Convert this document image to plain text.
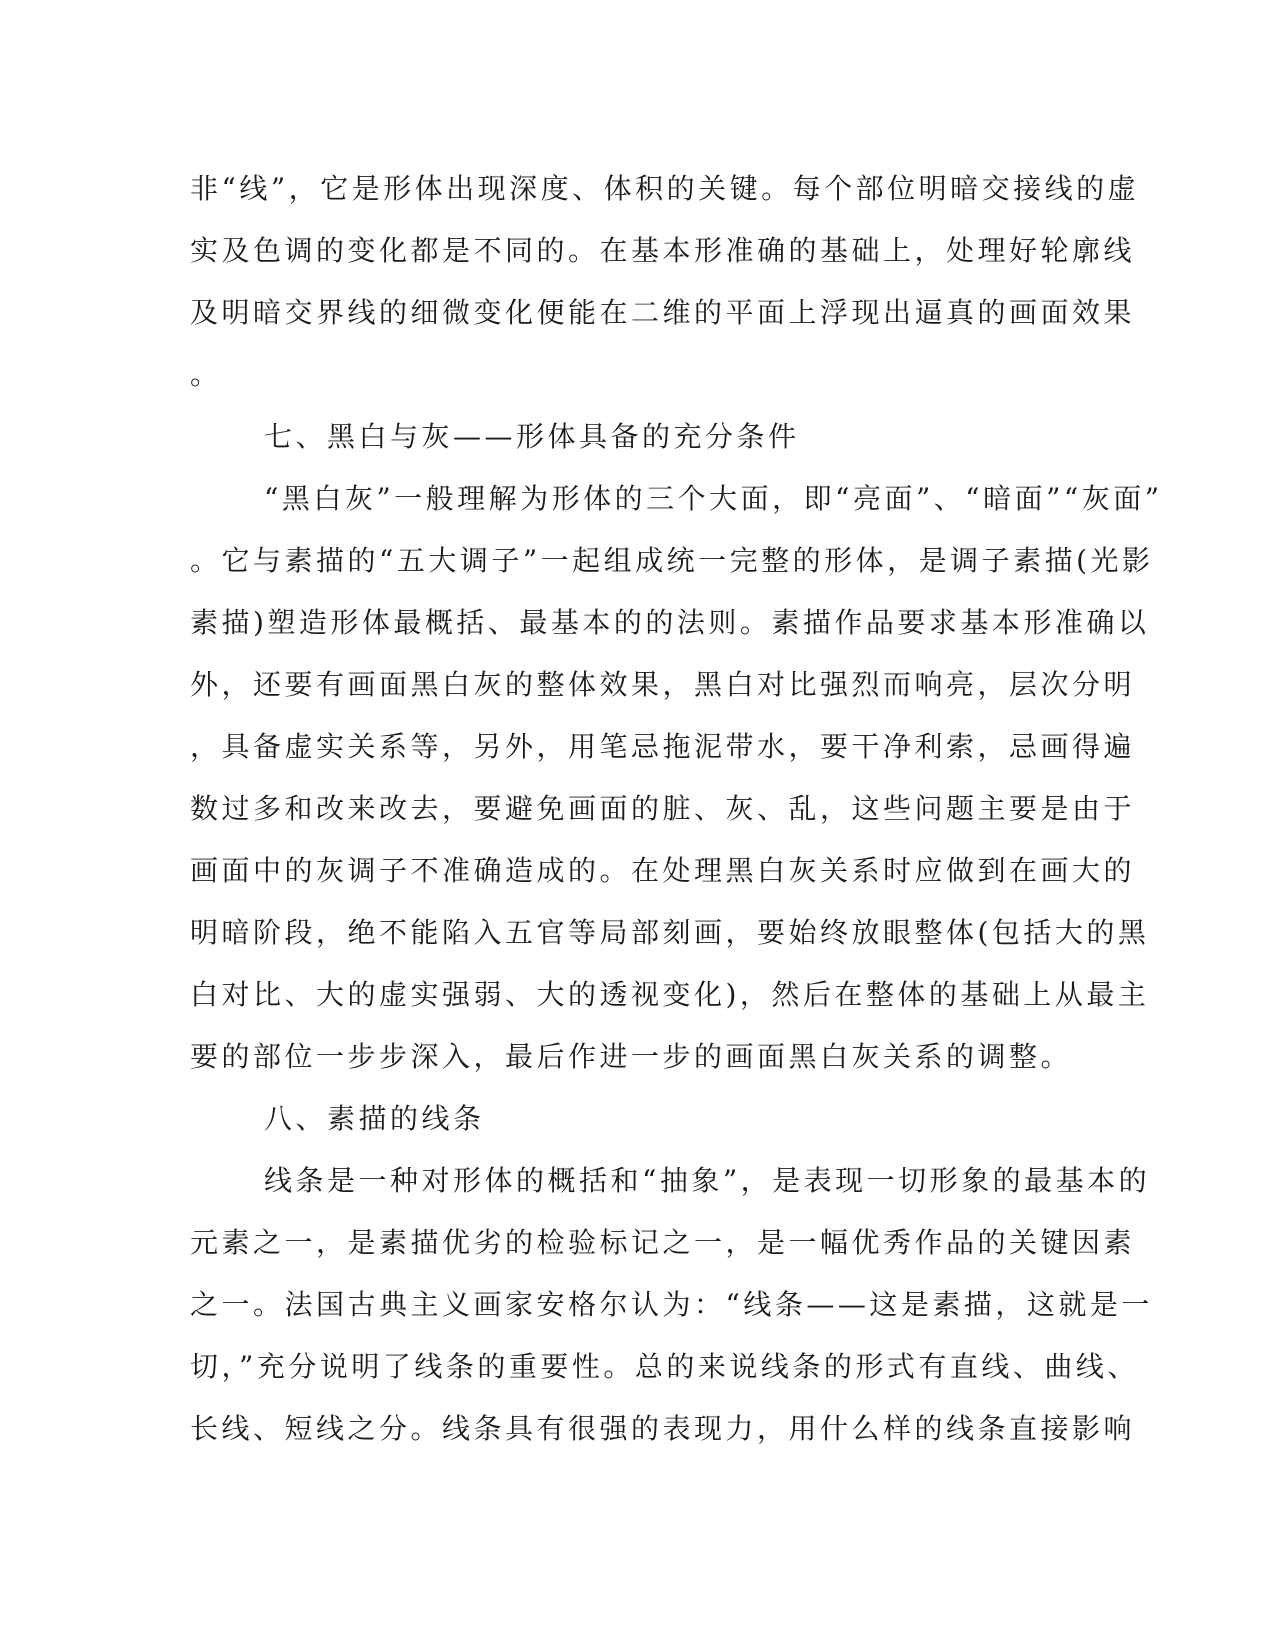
非“线”，它是形体出现深度、体积的关键。每个部位明暗交接线的虚
实及色调的变化都是不同的。在基本形准确的基础上，处理好轮廓线
及明暗交界线的细微变化便能在二维的平面上浮现出逼真的画面效果
。
七、黑白与灰——形体具备的充分条件
“黑白灰”一般理解为形体的三个大面，即“亮面”、“暗面”“灰面”
。它与素描的“五大调子”一起组成统一完整的形体，是调子素描(光影
素描)塑造形体最概括、最基本的的法则。素描作品要求基本形准确以
外，还要有画面黑白灰的整体效果，黑白对比强烈而响亮，层次分明
，具备虚实关系等，另外，用笔忌拖泥带水，要干净利索，忌画得遍
数过多和改来改去，要避免画面的脏、灰、乱，这些问题主要是由于
画面中的灰调子不准确造成的。在处理黑白灰关系时应做到在画大的
明暗阶段，绝不能陷入五官等局部刻画，要始终放眼整体(包括大的黑
白对比、大的虚实强弱、大的透视变化)，然后在整体的基础上从最主
要的部位一步步深入，最后作进一步的画面黑白灰关系的调整。
八、素描的线条
线条是一种对形体的概括和“抽象”，是表现一切形象的最基本的
元素之一，是素描优劣的检验标记之一，是一幅优秀作品的关键因素
之一。法国古典主义画家安格尔认为：“线条——这是素描，这就是一
切，”充分说明了线条的重要性。总的来说线条的形式有直线、曲线、
长线、短线之分。线条具有很强的表现力，用什么样的线条直接影响
